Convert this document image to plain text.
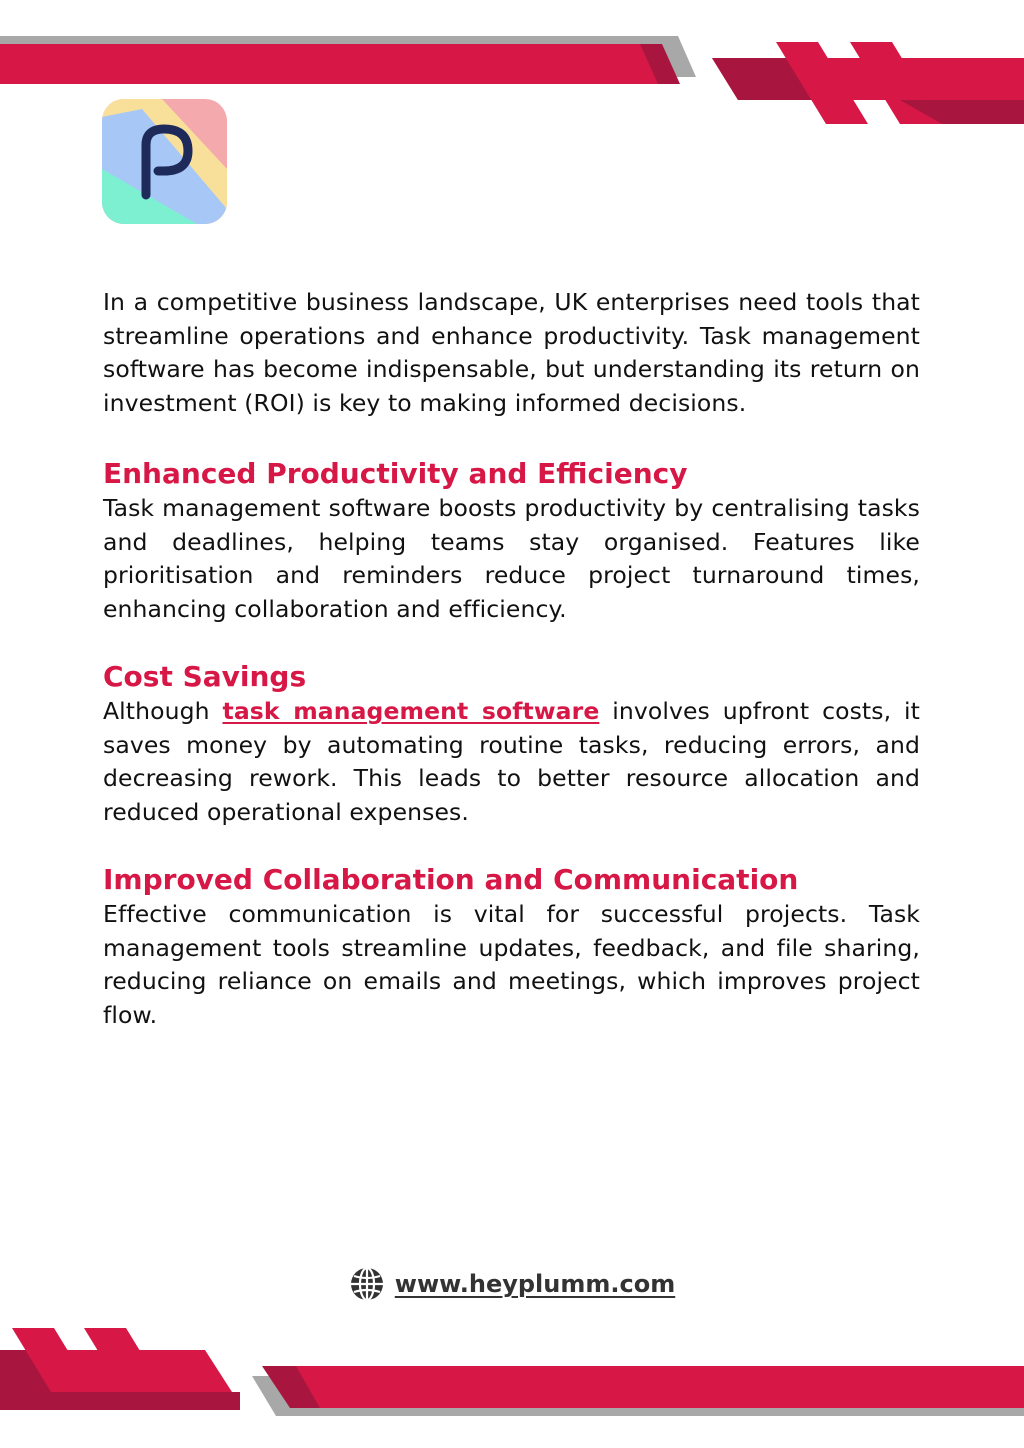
In a competitive business landscape, UK enterprises need tools that streamline operations and enhance productivity. Task management software has become indispensable, but understanding its return on investment (ROI) is key to making informed decisions.

Enhanced Productivity and Efficiency

Task management software boosts productivity by centralising tasks and deadlines, helping teams stay organised. Features like prioritisation and reminders reduce project turnaround times, enhancing collaboration and efficiency.

Cost Savings

Although task management software involves upfront costs, it saves money by automating routine tasks, reducing errors, and decreasing rework. This leads to better resource allocation and reduced operational expenses.

Improved Collaboration and Communication

Effective communication is vital for successful projects. Task management tools streamline updates, feedback, and file sharing, reducing reliance on emails and meetings, which improves project flow.

www.heyplumm.com
